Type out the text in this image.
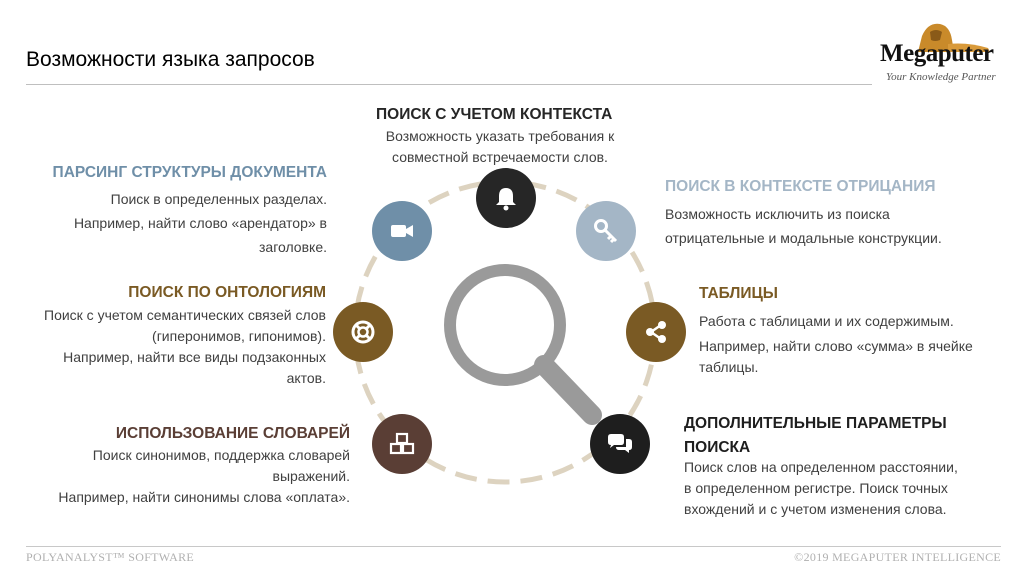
Возможности языка запросов	Megaputer
Your Knowledge Partner
ПОИСК С УЧЕТОМ КОНТЕКСТА
Возможность указать требования к
совместной встречаемости слов.
ПАРСИНГ СТРУКТУРЫ ДОКУМЕНТА
Поиск в определенных разделах.
Например, найти слово «арендатор» в
заголовке.
ПОИСК В КОНТЕКСТЕ ОТРИЦАНИЯ
Возможность исключить из поиска
отрицательные и модальные конструкции.
ПОИСК ПО ОНТОЛОГИЯМ
Поиск с учетом семантических связей слов
(гиперонимов, гипонимов).
Например, найти все виды подзаконных
актов.
ТАБЛИЦЫ
Работа с таблицами и их содержимым.
Например, найти слово «сумма» в ячейке
таблицы.
ИСПОЛЬЗОВАНИЕ СЛОВАРЕЙ
Поиск синонимов, поддержка словарей
выражений.
Например, найти синонимы слова «оплата».
ДОПОЛНИТЕЛЬНЫЕ ПАРАМЕТРЫ
ПОИСКА
Поиск слов на определенном расстоянии,
в определенном регистре. Поиск точных
вхождений и с учетом изменения слова.
POLYANALYST™ SOFTWARE	©2019 MEGAPUTER INTELLIGENCE
